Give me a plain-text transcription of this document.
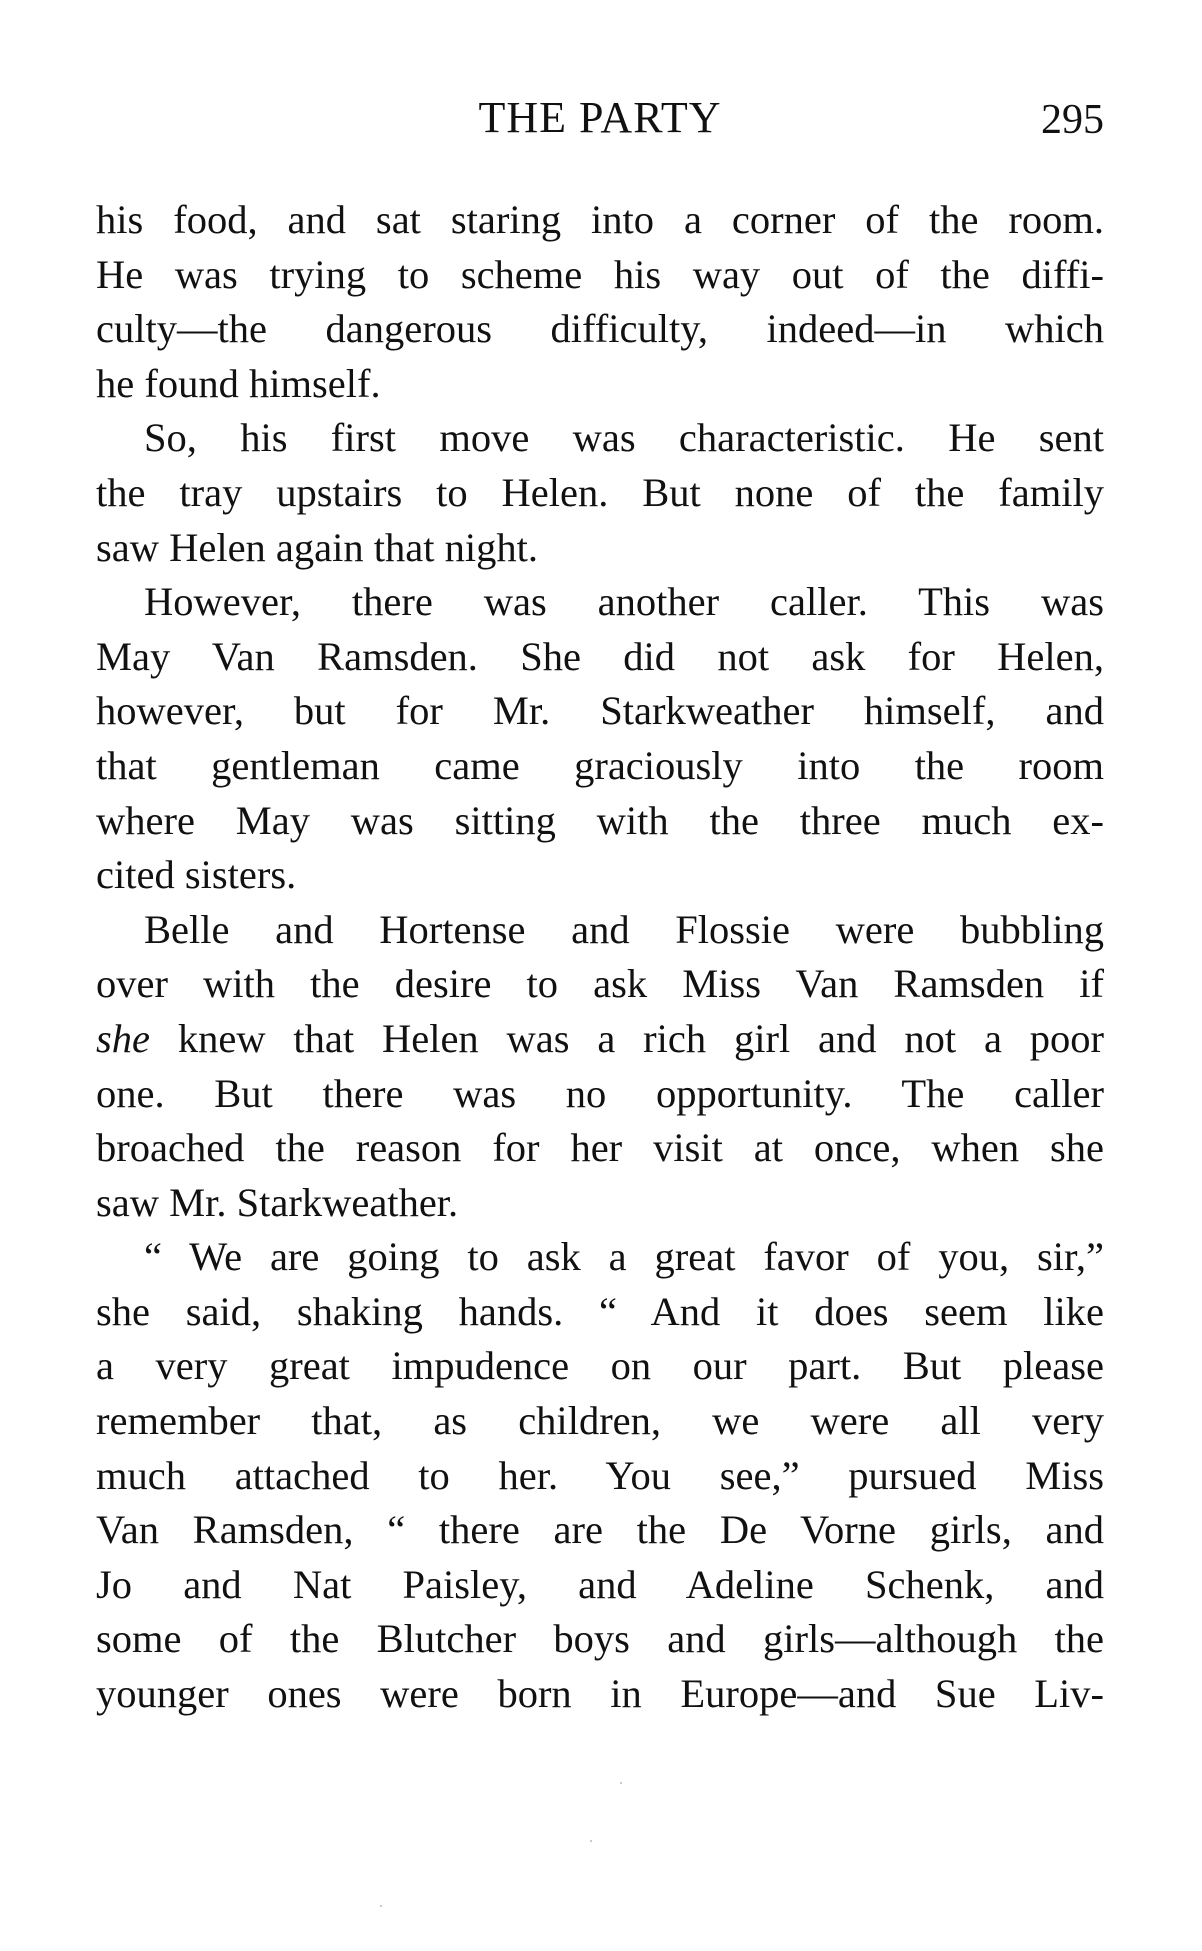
THE PARTY	295
his food, and sat staring into a corner of the room.
He was trying to scheme his way out of the diffi-
culty—the dangerous difficulty, indeed—in which
he found himself.
So, his first move was characteristic. He sent
the tray upstairs to Helen. But none of the family
saw Helen again that night.
However, there was another caller. This was
May Van Ramsden. She did not ask for Helen,
however, but for Mr. Starkweather himself, and
that gentleman came graciously into the room
where May was sitting with the three much ex-
cited sisters.
Belle and Hortense and Flossie were bubbling
over with the desire to ask Miss Van Ramsden if
she knew that Helen was a rich girl and not a poor
one. But there was no opportunity. The caller
broached the reason for her visit at once, when she
saw Mr. Starkweather.
“ We are going to ask a great favor of you, sir,”
she said, shaking hands. “ And it does seem like
a very great impudence on our part. But please
remember that, as children, we were all very
much attached to her. You see,” pursued Miss
Van Ramsden, “ there are the De Vorne girls, and
Jo and Nat Paisley, and Adeline Schenk, and
some of the Blutcher boys and girls—although the
younger ones were born in Europe—and Sue Liv-
